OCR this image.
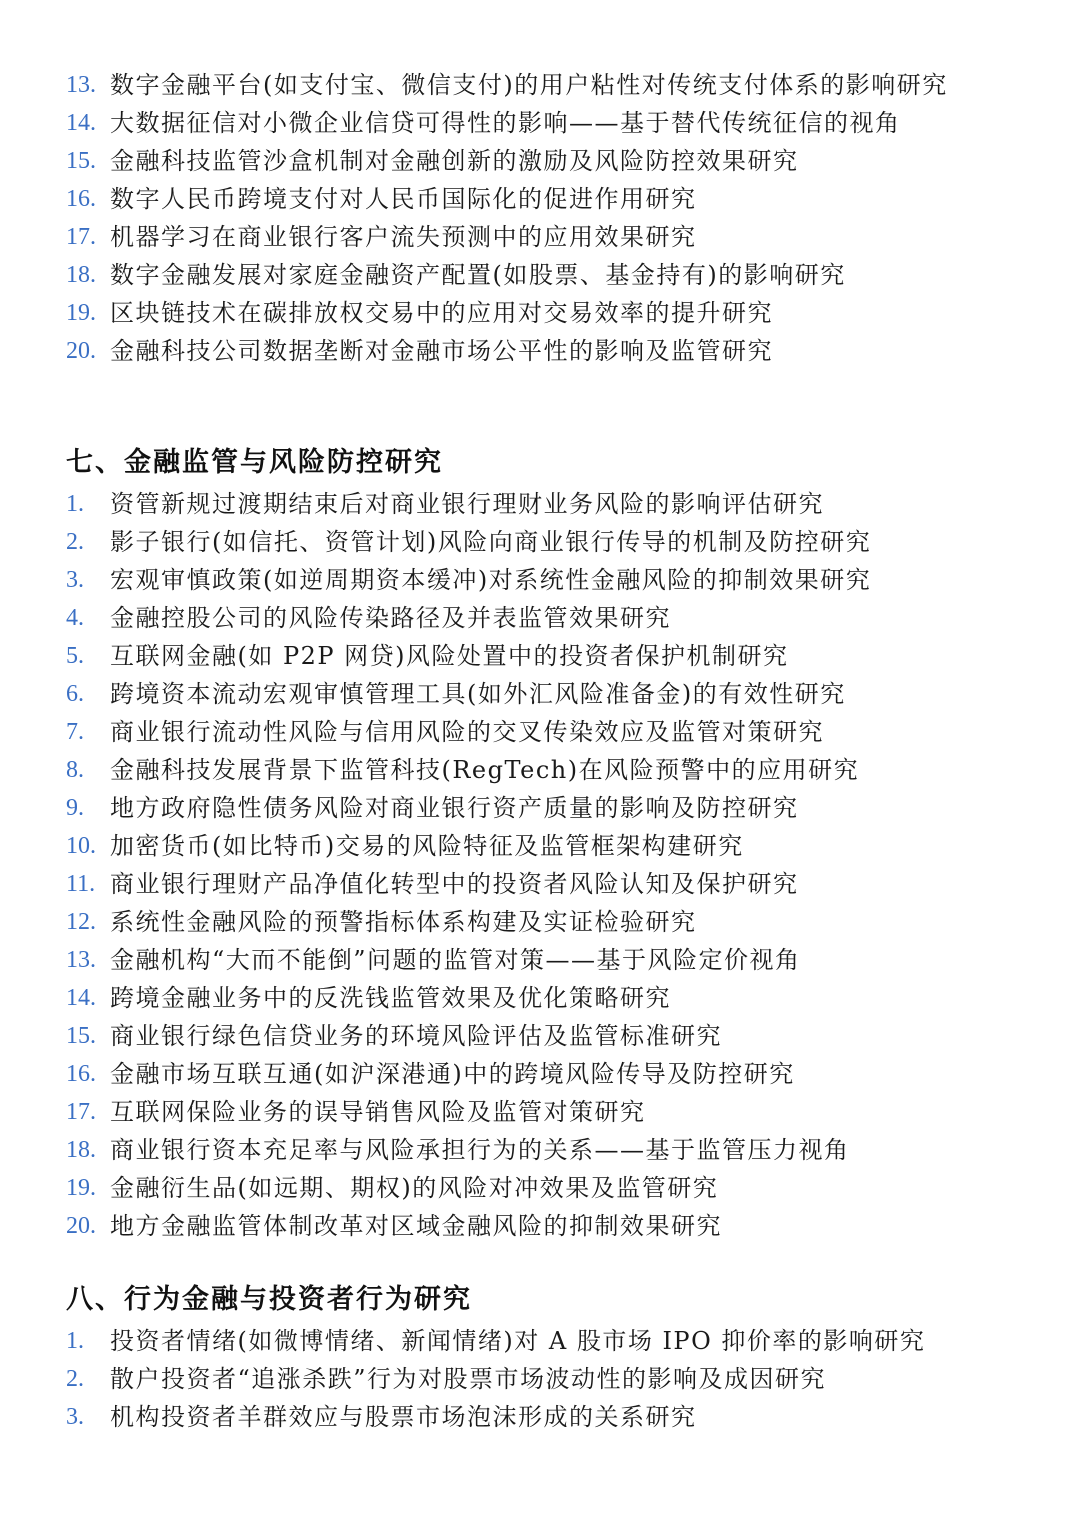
13. 数字金融平台(如支付宝、微信支付)的用户粘性对传统支付体系的影响研究
14. 大数据征信对小微企业信贷可得性的影响——基于替代传统征信的视角
15. 金融科技监管沙盒机制对金融创新的激励及风险防控效果研究
16. 数字人民币跨境支付对人民币国际化的促进作用研究
17. 机器学习在商业银行客户流失预测中的应用效果研究
18. 数字金融发展对家庭金融资产配置(如股票、基金持有)的影响研究
19. 区块链技术在碳排放权交易中的应用对交易效率的提升研究
20. 金融科技公司数据垄断对金融市场公平性的影响及监管研究
七、金融监管与风险防控研究
1.	资管新规过渡期结束后对商业银行理财业务风险的影响评估研究
2.	影子银行(如信托、资管计划)风险向商业银行传导的机制及防控研究
3.	宏观审慎政策(如逆周期资本缓冲)对系统性金融风险的抑制效果研究
4.	金融控股公司的风险传染路径及并表监管效果研究
5.	互联网金融(如 P2P 网贷)风险处置中的投资者保护机制研究
6.	跨境资本流动宏观审慎管理工具(如外汇风险准备金)的有效性研究
7.	商业银行流动性风险与信用风险的交叉传染效应及监管对策研究
8.	金融科技发展背景下监管科技(RegTech)在风险预警中的应用研究
9.	地方政府隐性债务风险对商业银行资产质量的影响及防控研究
10. 加密货币(如比特币)交易的风险特征及监管框架构建研究
11. 商业银行理财产品净值化转型中的投资者风险认知及保护研究
12. 系统性金融风险的预警指标体系构建及实证检验研究
13. 金融机构“大而不能倒”问题的监管对策——基于风险定价视角
14. 跨境金融业务中的反洗钱监管效果及优化策略研究
15. 商业银行绿色信贷业务的环境风险评估及监管标准研究
16. 金融市场互联互通(如沪深港通)中的跨境风险传导及防控研究
17. 互联网保险业务的误导销售风险及监管对策研究
18. 商业银行资本充足率与风险承担行为的关系——基于监管压力视角
19. 金融衍生品(如远期、期权)的风险对冲效果及监管研究
20. 地方金融监管体制改革对区域金融风险的抑制效果研究
八、行为金融与投资者行为研究
1.	投资者情绪(如微博情绪、新闻情绪)对 A 股市场 IPO 抑价率的影响研究
2.	散户投资者“追涨杀跌”行为对股票市场波动性的影响及成因研究
3.	机构投资者羊群效应与股票市场泡沫形成的关系研究
